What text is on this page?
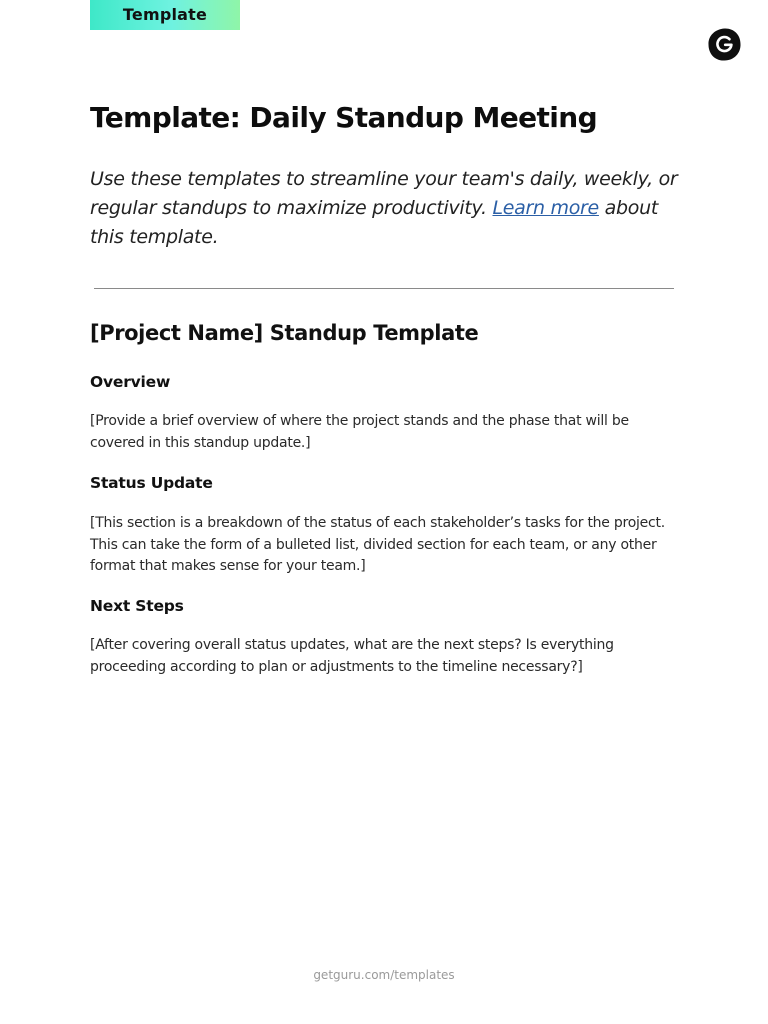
Template
Template: Daily Standup Meeting

Use these templates to streamline your team's daily, weekly, or regular standups to maximize productivity. Learn more about this template.

[Project Name] Standup Template
Overview

[Provide a brief overview of where the project stands and the phase that will be covered in this standup update.]

Status Update

[This section is a breakdown of the status of each stakeholder’s tasks for the project. This can take the form of a bulleted list, divided section for each team, or any other format that makes sense for your team.]

Next Steps

[After covering overall status updates, what are the next steps? Is everything proceeding according to plan or adjustments to the timeline necessary?]

getguru.com/templates
